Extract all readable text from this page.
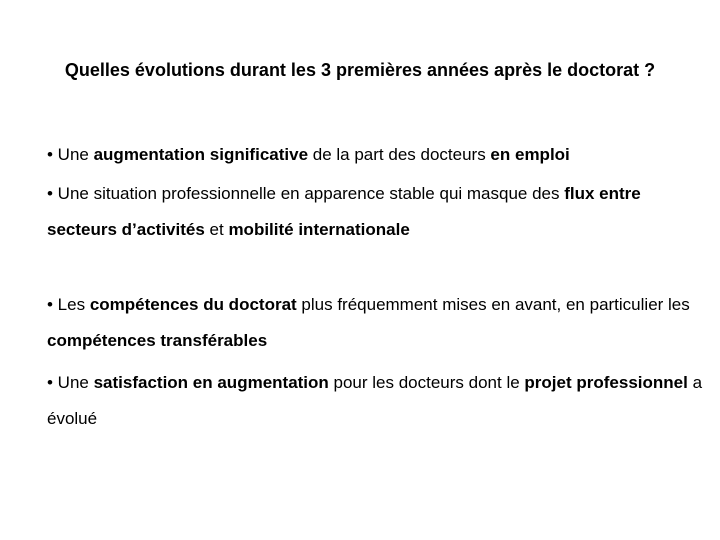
Quelles évolutions durant les 3 premières années après le doctorat ?
• Une augmentation significative de la part des docteurs en emploi
• Une situation professionnelle en apparence stable qui masque des flux entre secteurs d’activités et mobilité internationale
• Les compétences du doctorat plus fréquemment mises en avant, en particulier les compétences transférables
• Une satisfaction en augmentation pour les docteurs dont le projet professionnel a évolué
